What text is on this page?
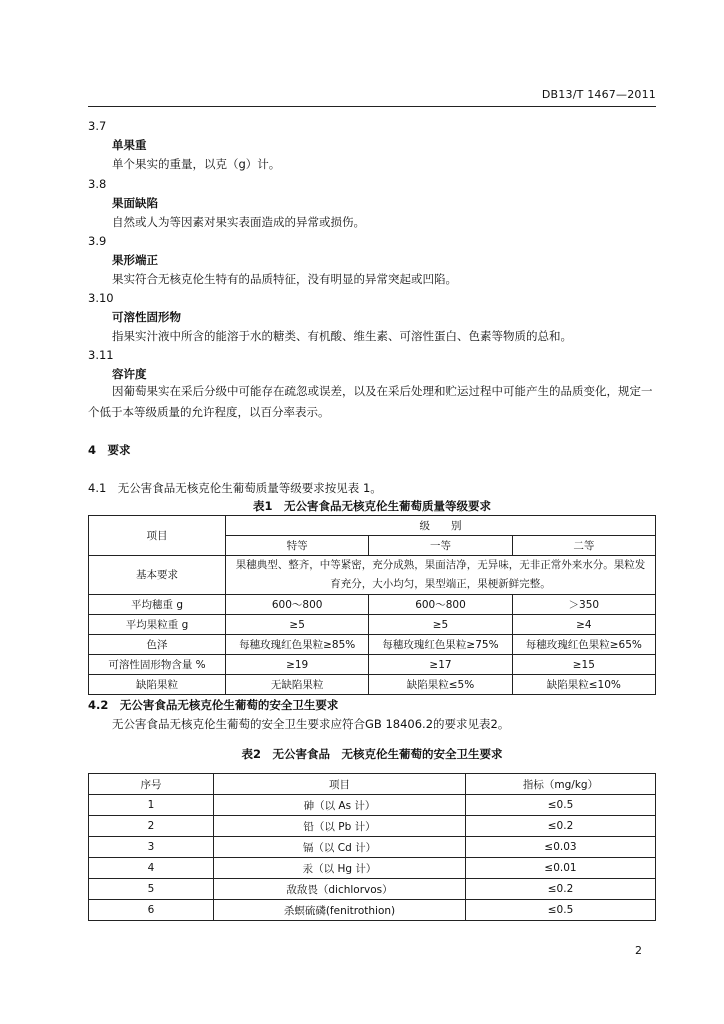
DB13/T 1467—2011
3.7
单果重
单个果实的重量，以克（g）计。
3.8
果面缺陷
自然或人为等因素对果实表面造成的异常或损伤。
3.9
果形端正
果实符合无核克伦生特有的品质特征，没有明显的异常突起或凹陷。
3.10
可溶性固形物
指果实汁液中所含的能溶于水的糖类、有机酸、维生素、可溶性蛋白、色素等物质的总和。
3.11
容许度
因葡萄果实在采后分级中可能存在疏忽或误差，以及在采后处理和贮运过程中可能产生的品质变化，规定一个低于本等级质量的允许程度，以百分率表示。
4　要求
4.1　无公害食品无核克伦生葡萄质量等级要求按见表 1。
表1　无公害食品无核克伦生葡萄质量等级要求
项目	级　　别		
	特等	一等	二等
基本要求	果穗典型、整齐，中等紧密，充分成熟，果面洁净，无异味，无非正常外来水分。果粒发育充分，大小均匀，果型端正，果梗新鲜完整。		
平均穗重 g	600～800	600～800	＞350
平均果粒重 g	≥5	≥5	≥4
色泽	每穗玫瑰红色果粒≥85%	每穗玫瑰红色果粒≥75%	每穗玫瑰红色果粒≥65%
可溶性固形物含量 %	≥19	≥17	≥15
缺陷果粒	无缺陷果粒	缺陷果粒≤5%	缺陷果粒≤10%
4.2　无公害食品无核克伦生葡萄的安全卫生要求
无公害食品无核克伦生葡萄的安全卫生要求应符合GB 18406.2的要求见表2。
表2　无公害食品　无核克伦生葡萄的安全卫生要求
序号	项目	指标（mg/kg）
1	砷（以 As 计）	≤0.5
2	铅（以 Pb 计）	≤0.2
3	镉（以 Cd 计）	≤0.03
4	汞（以 Hg 计）	≤0.01
5	敌敌畏（dichlorvos）	≤0.2
6	杀螟硫磷(fenitrothion)	≤0.5
2
